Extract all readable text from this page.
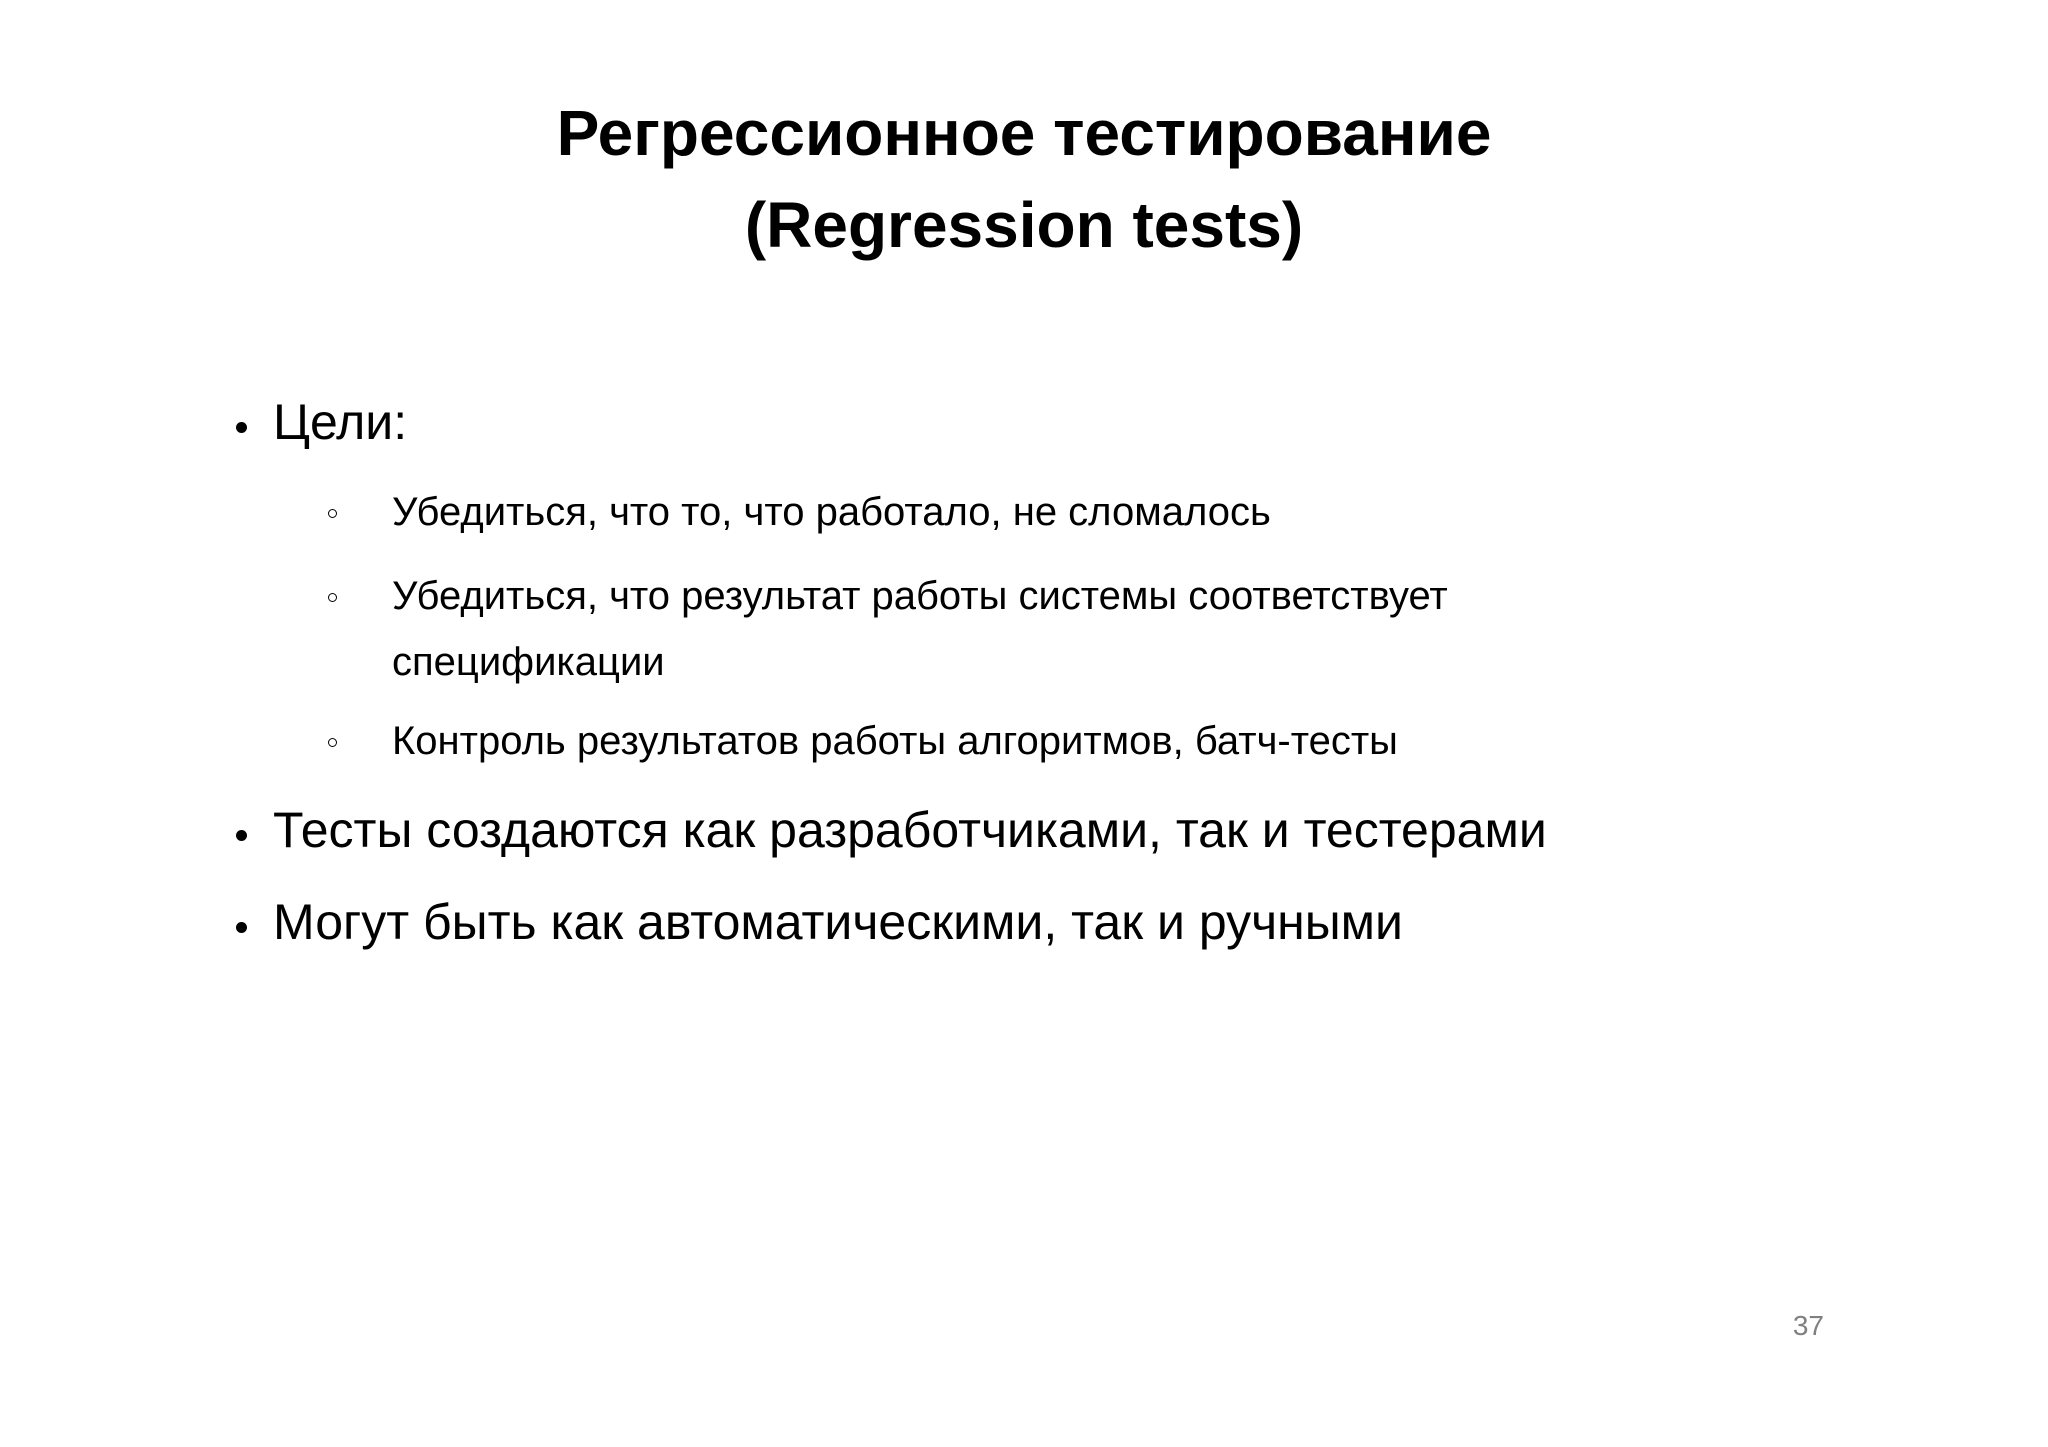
Регрессионное тестирование
(Regression tests)
Цели:
Убедиться, что то, что работало, не сломалось
Убедиться, что результат работы системы соответствует спецификации
Контроль результатов работы алгоритмов, батч-тесты
Тесты создаются как разработчиками, так и тестерами
Могут быть как автоматическими, так и ручными
37
